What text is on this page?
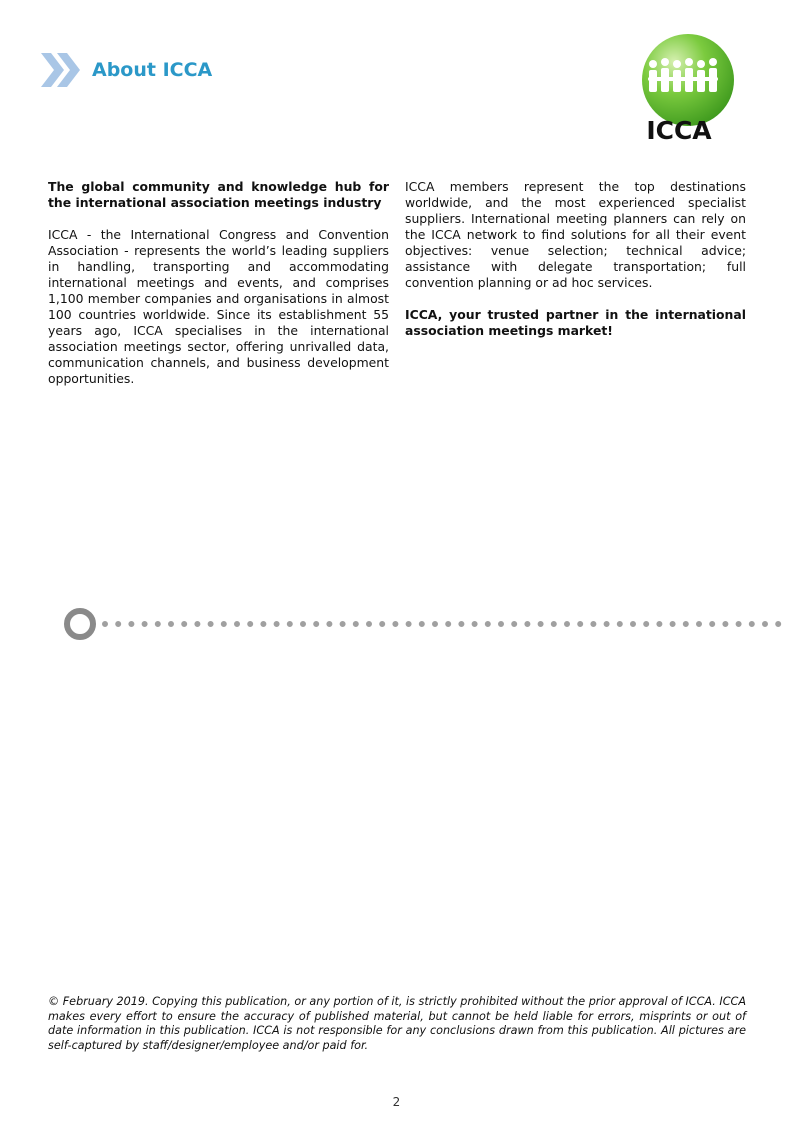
About ICCA
ICCA

The global community and knowledge hub for the international association meetings industry

ICCA - the International Congress and Convention Association - represents the world’s leading suppliers in handling, transporting and accommodating international meetings and events, and comprises 1,100 member companies and organisations in almost 100 countries worldwide. Since its establishment 55 years ago, ICCA specialises in the international association meetings sector, offering unrivalled data, communication channels, and business development opportunities.

ICCA members represent the top destinations worldwide, and the most experienced specialist suppliers. International meeting planners can rely on the ICCA network to find solutions for all their event objectives: venue selection; technical advice; assistance with delegate transportation; full convention planning or ad hoc services.

ICCA, your trusted partner in the international association meetings market!

© February 2019. Copying this publication, or any portion of it, is strictly prohibited without the prior approval of ICCA. ICCA makes every effort to ensure the accuracy of published material, but cannot be held liable for errors, misprints or out of date information in this publication. ICCA is not responsible for any conclusions drawn from this publication. All pictures are self-captured by staff/designer/employee and/or paid for.
2
